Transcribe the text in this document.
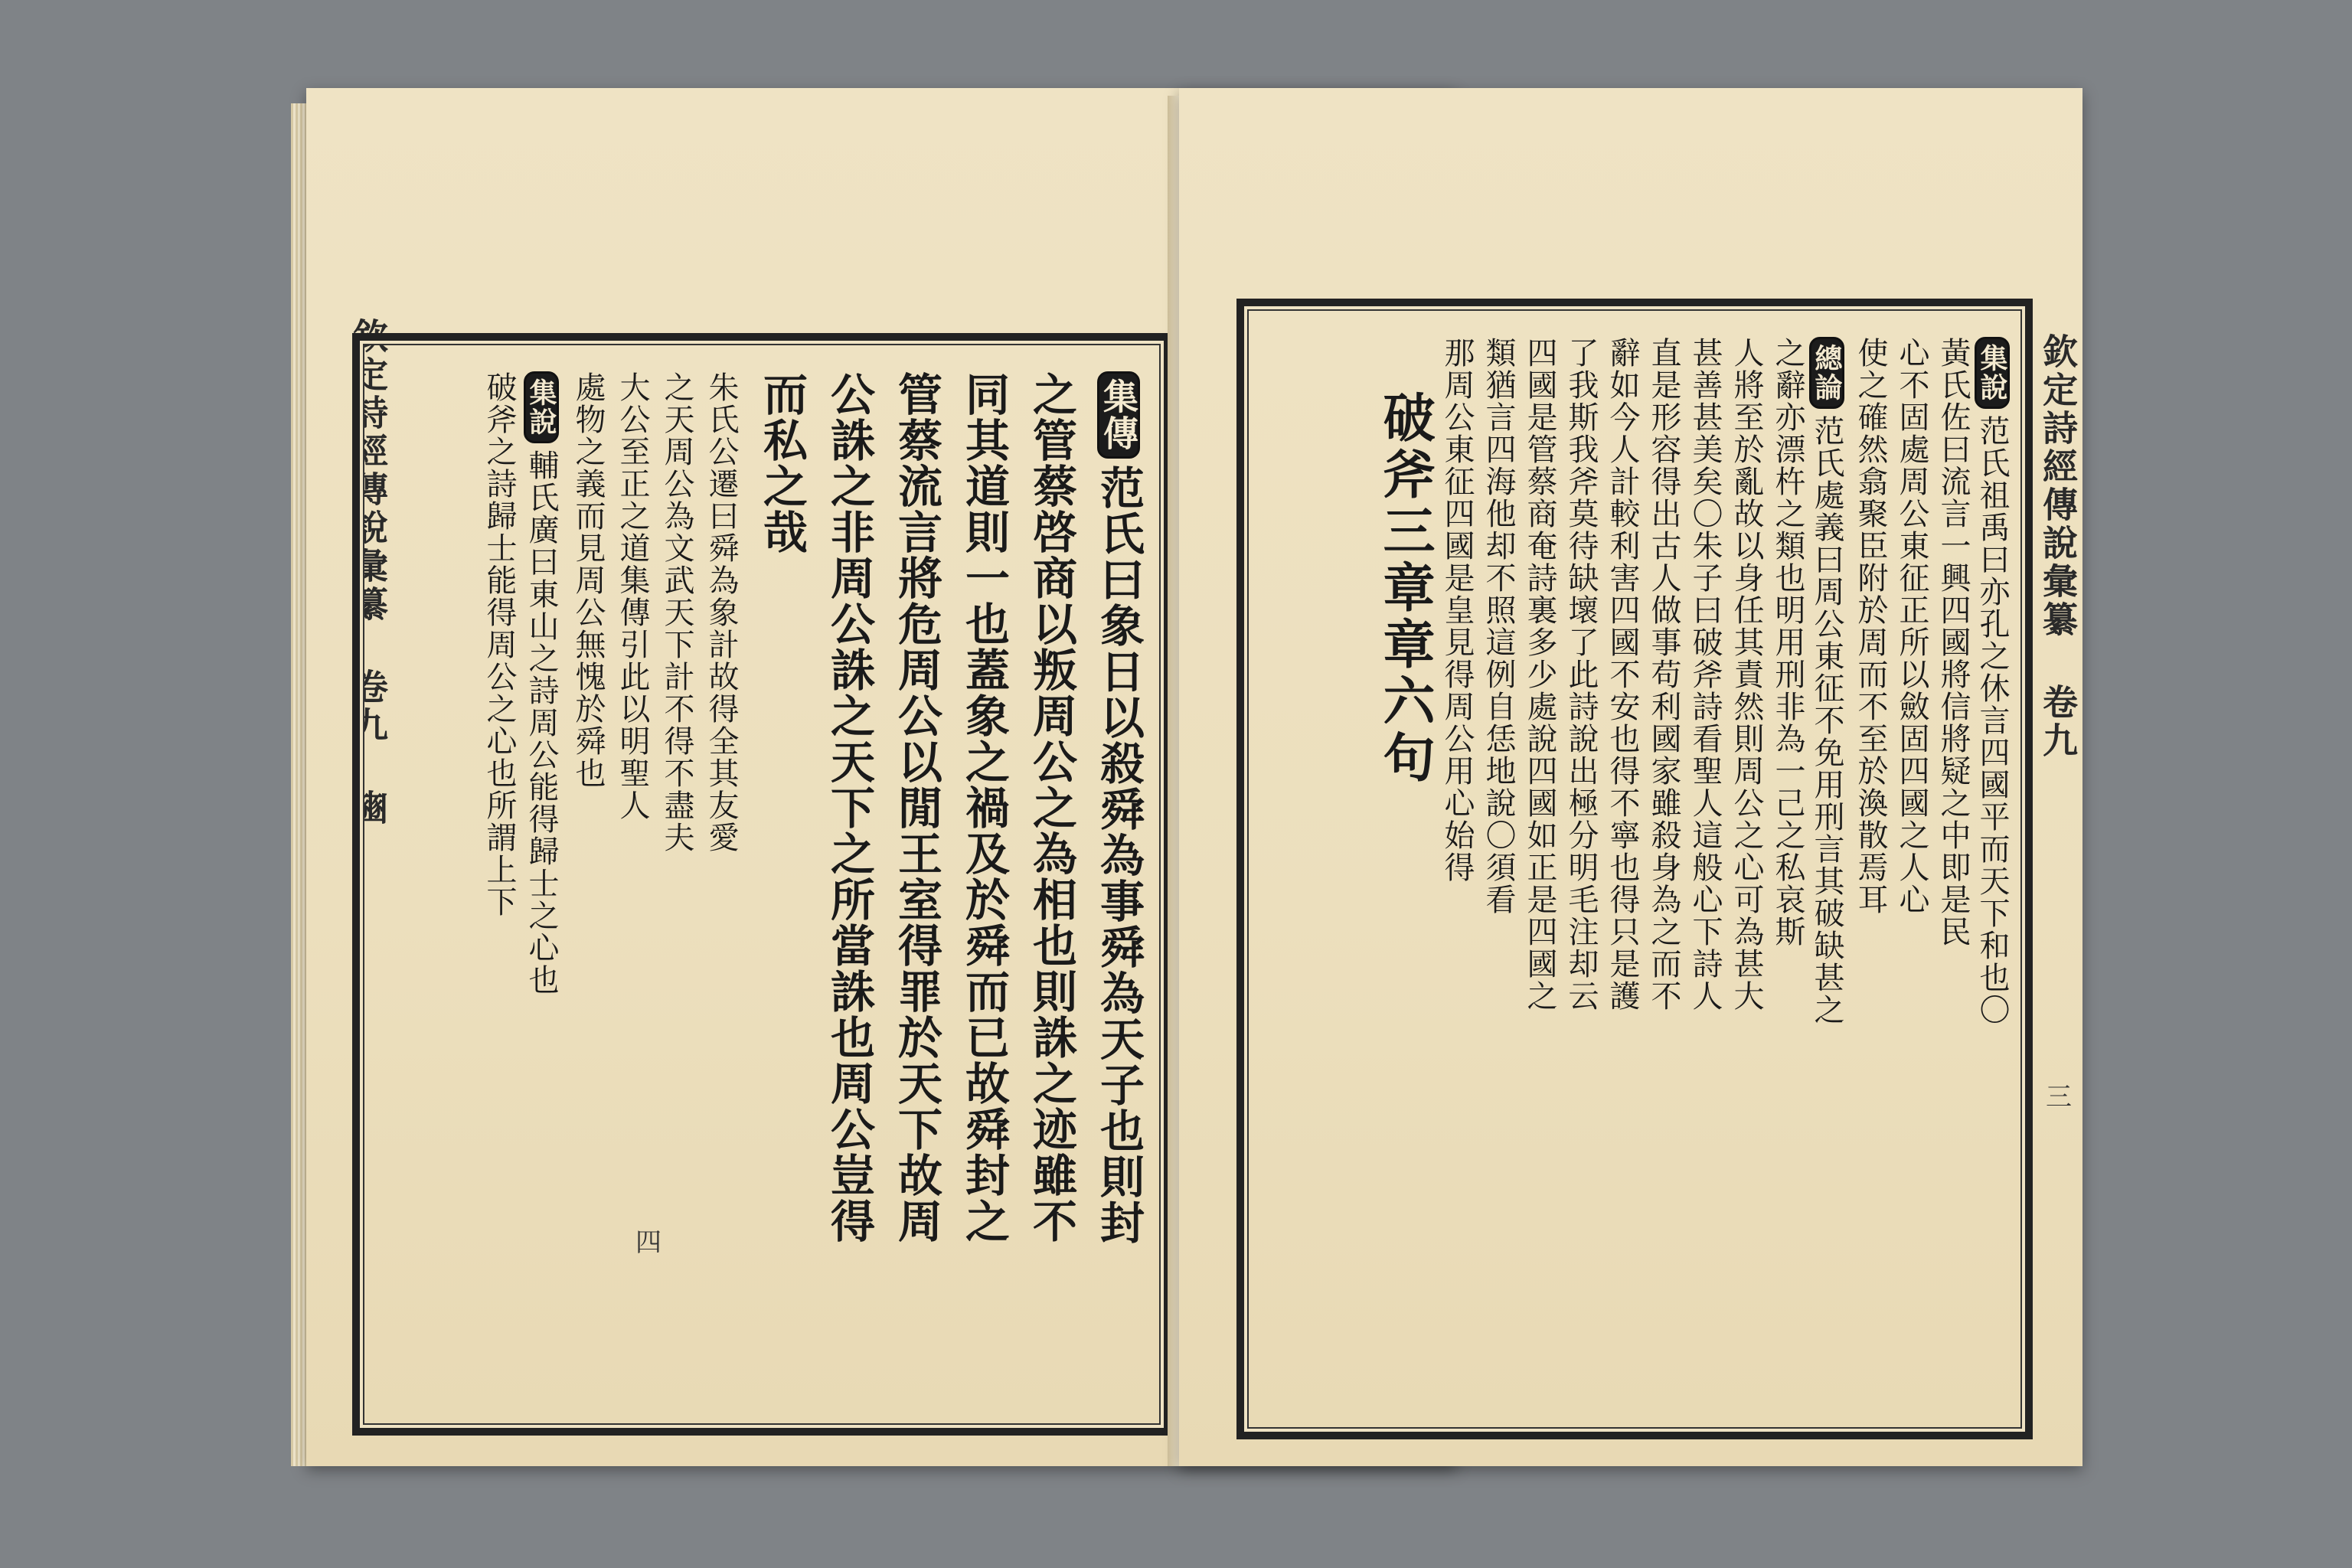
欽定詩經傳說彙纂 卷九 豳
四
集傳范氏曰象日以殺舜為事舜為天子也則封
之管蔡啓商以叛周公之為相也則誅之迹雖不
同其道則一也蓋象之禍及於舜而已故舜封之
管蔡流言將危周公以閒王室得罪於天下故周
公誅之非周公誅之天下之所當誅也周公豈得
而私之哉
朱氏公遷曰舜為象計故得全其友愛
之天周公為文武天下計不得不盡夫
大公至正之道集傳引此以明聖人
處物之義而見周公無愧於舜也
集說輔氏廣曰東山之詩周公能得歸士之心也
破斧之詩歸士能得周公之心也所謂上下	欽定詩經傳說彙纂 卷九
三
集說范氏祖禹曰亦孔之休言四國平而天下和也〇
黃氏佐曰流言一興四國將信將疑之中即是民
心不固處周公東征正所以斂固四國之人心
使之確然翕聚臣附於周而不至於渙散焉耳
總論范氏處義曰周公東征不免用刑言其破缺甚之
之辭亦漂杵之類也明用刑非為一己之私哀斯
人將至於亂故以身任其責然則周公之心可為甚大
甚善甚美矣〇朱子曰破斧詩看聖人這般心下詩人
直是形容得出古人做事苟利國家雖殺身為之而不
辭如今人計較利害四國不安也得不寧也得只是護
了我斯我斧莫待缺壞了此詩說出極分明毛注却云
四國是管蔡商奄詩裏多少處說四國如正是四國之
類猶言四海他却不照這例自恁地說〇須看
那周公東征四國是皇見得周公用心始得
破斧三章章六句
